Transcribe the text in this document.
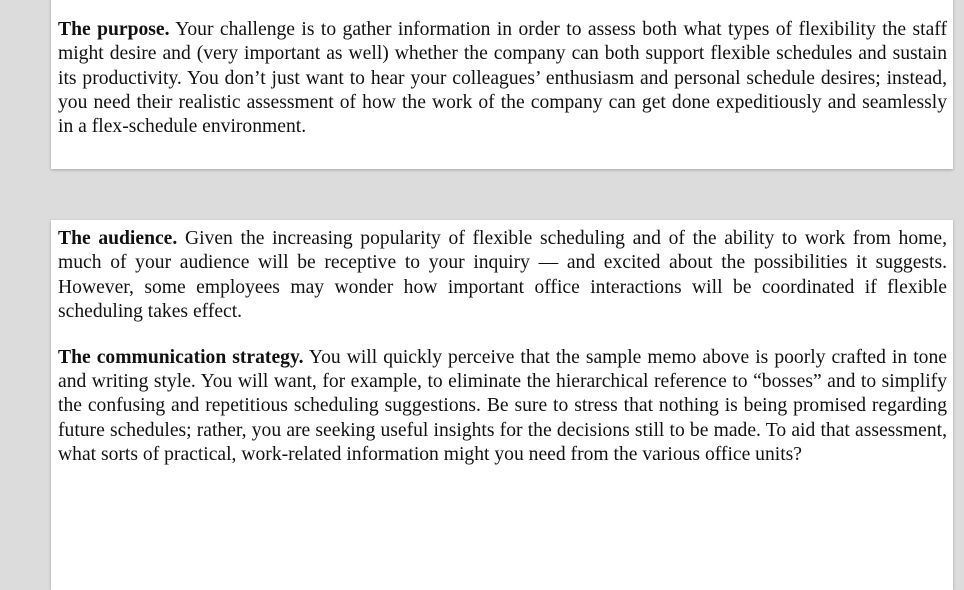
The purpose. Your challenge is to gather information in order to assess both what types of flexibility the staff might desire and (very important as well) whether the company can both support flexible schedules and sustain its productivity. You don’t just want to hear your colleagues’ enthusiasm and personal schedule desires; instead, you need their realistic assessment of how the work of the company can get done expeditiously and seamlessly in a flex-schedule environment.

The audience. Given the increasing popularity of flexible scheduling and of the ability to work from home, much of your audience will be receptive to your inquiry — and excited about the possibilities it suggests. However, some employees may wonder how important office interactions will be coordinated if flexible scheduling takes effect.

The communication strategy. You will quickly perceive that the sample memo above is poorly crafted in tone and writing style. You will want, for example, to eliminate the hierarchical reference to “bosses” and to simplify the confusing and repetitious scheduling suggestions. Be sure to stress that nothing is being promised regarding future schedules; rather, you are seeking useful insights for the decisions still to be made. To aid that assessment, what sorts of practical, work-related information might you need from the various office units?
